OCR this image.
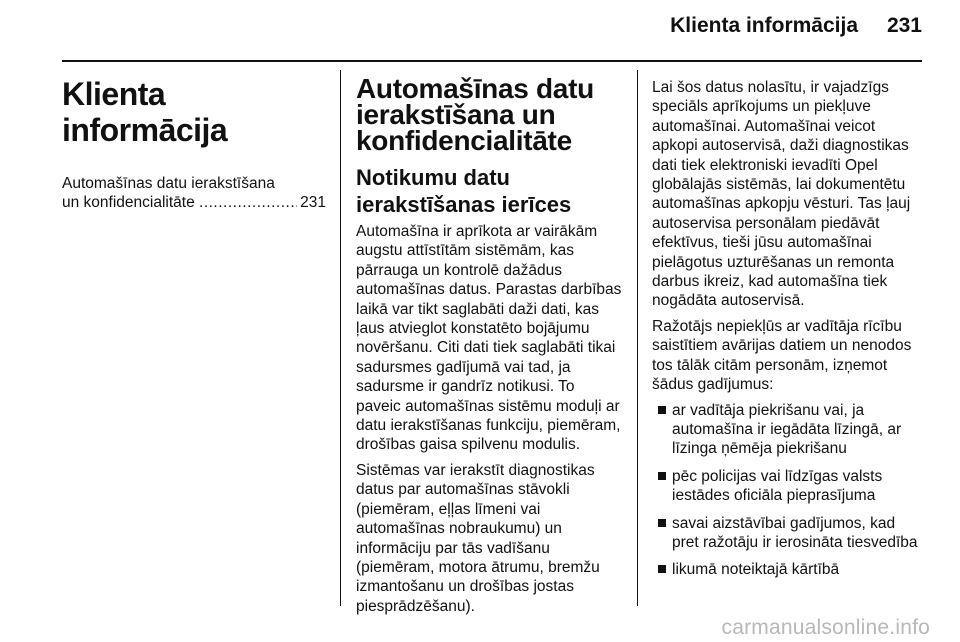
Klienta informācija	231
Klienta informācija
Automašīnas datu ierakstīšana
un konfidencialitāte
.....	231
Automašīnas datu
ierakstīšana un
konfidencialitāte
Notikumu datu
ierakstīšanas ierīces

Automašīna ir aprīkota ar vairākām augstu attīstītām sistēmām, kas pārrauga un kontrolē dažādus automašīnas datus. Parastas darbības laikā var tikt saglabāti daži dati, kas ļaus atvieglot konstatēto bojājumu novēršanu. Citi dati tiek saglabāti tikai sadursmes gadījumā vai tad, ja sadursme ir gandrīz notikusi. To paveic automašīnas sistēmu moduļi ar datu ierakstīšanas funkciju, piemēram, drošības gaisa spilvenu modulis.

Sistēmas var ierakstīt diagnostikas datus par automašīnas stāvokli (piemēram, eļļas līmeni vai automašīnas nobraukumu) un informāciju par tās vadīšanu (piemēram, motora ātrumu, bremžu izmantošanu un drošības jostas piesprādzēšanu).

Lai šos datus nolasītu, ir vajadzīgs speciāls aprīkojums un piekļuve automašīnai. Automašīnai veicot apkopi autoservisā, daži diagnostikas dati tiek elektroniski ievadīti Opel globālajās sistēmās, lai dokumentētu automašīnas apkopju vēsturi. Tas ļauj autoservisa personālam piedāvāt efektīvus, tieši jūsu automašīnai pielāgotus uzturēšanas un remonta darbus ikreiz, kad automašīna tiek nogādāta autoservisā.

Ražotājs nepiekļūs ar vadītāja rīcību saistītiem avārijas datiem un nenodos tos tālāk citām personām, izņemot šādus gadījumus:

ar vadītāja piekrišanu vai, ja automašīna ir iegādāta līzingā, ar līzinga ņēmēja piekrišanu
pēc policijas vai līdzīgas valsts iestādes oficiāla pieprasījuma
savai aizstāvībai gadījumos, kad pret ražotāju ir ierosināta tiesvedība
likumā noteiktajā kārtībā
carmanualsonline.info
